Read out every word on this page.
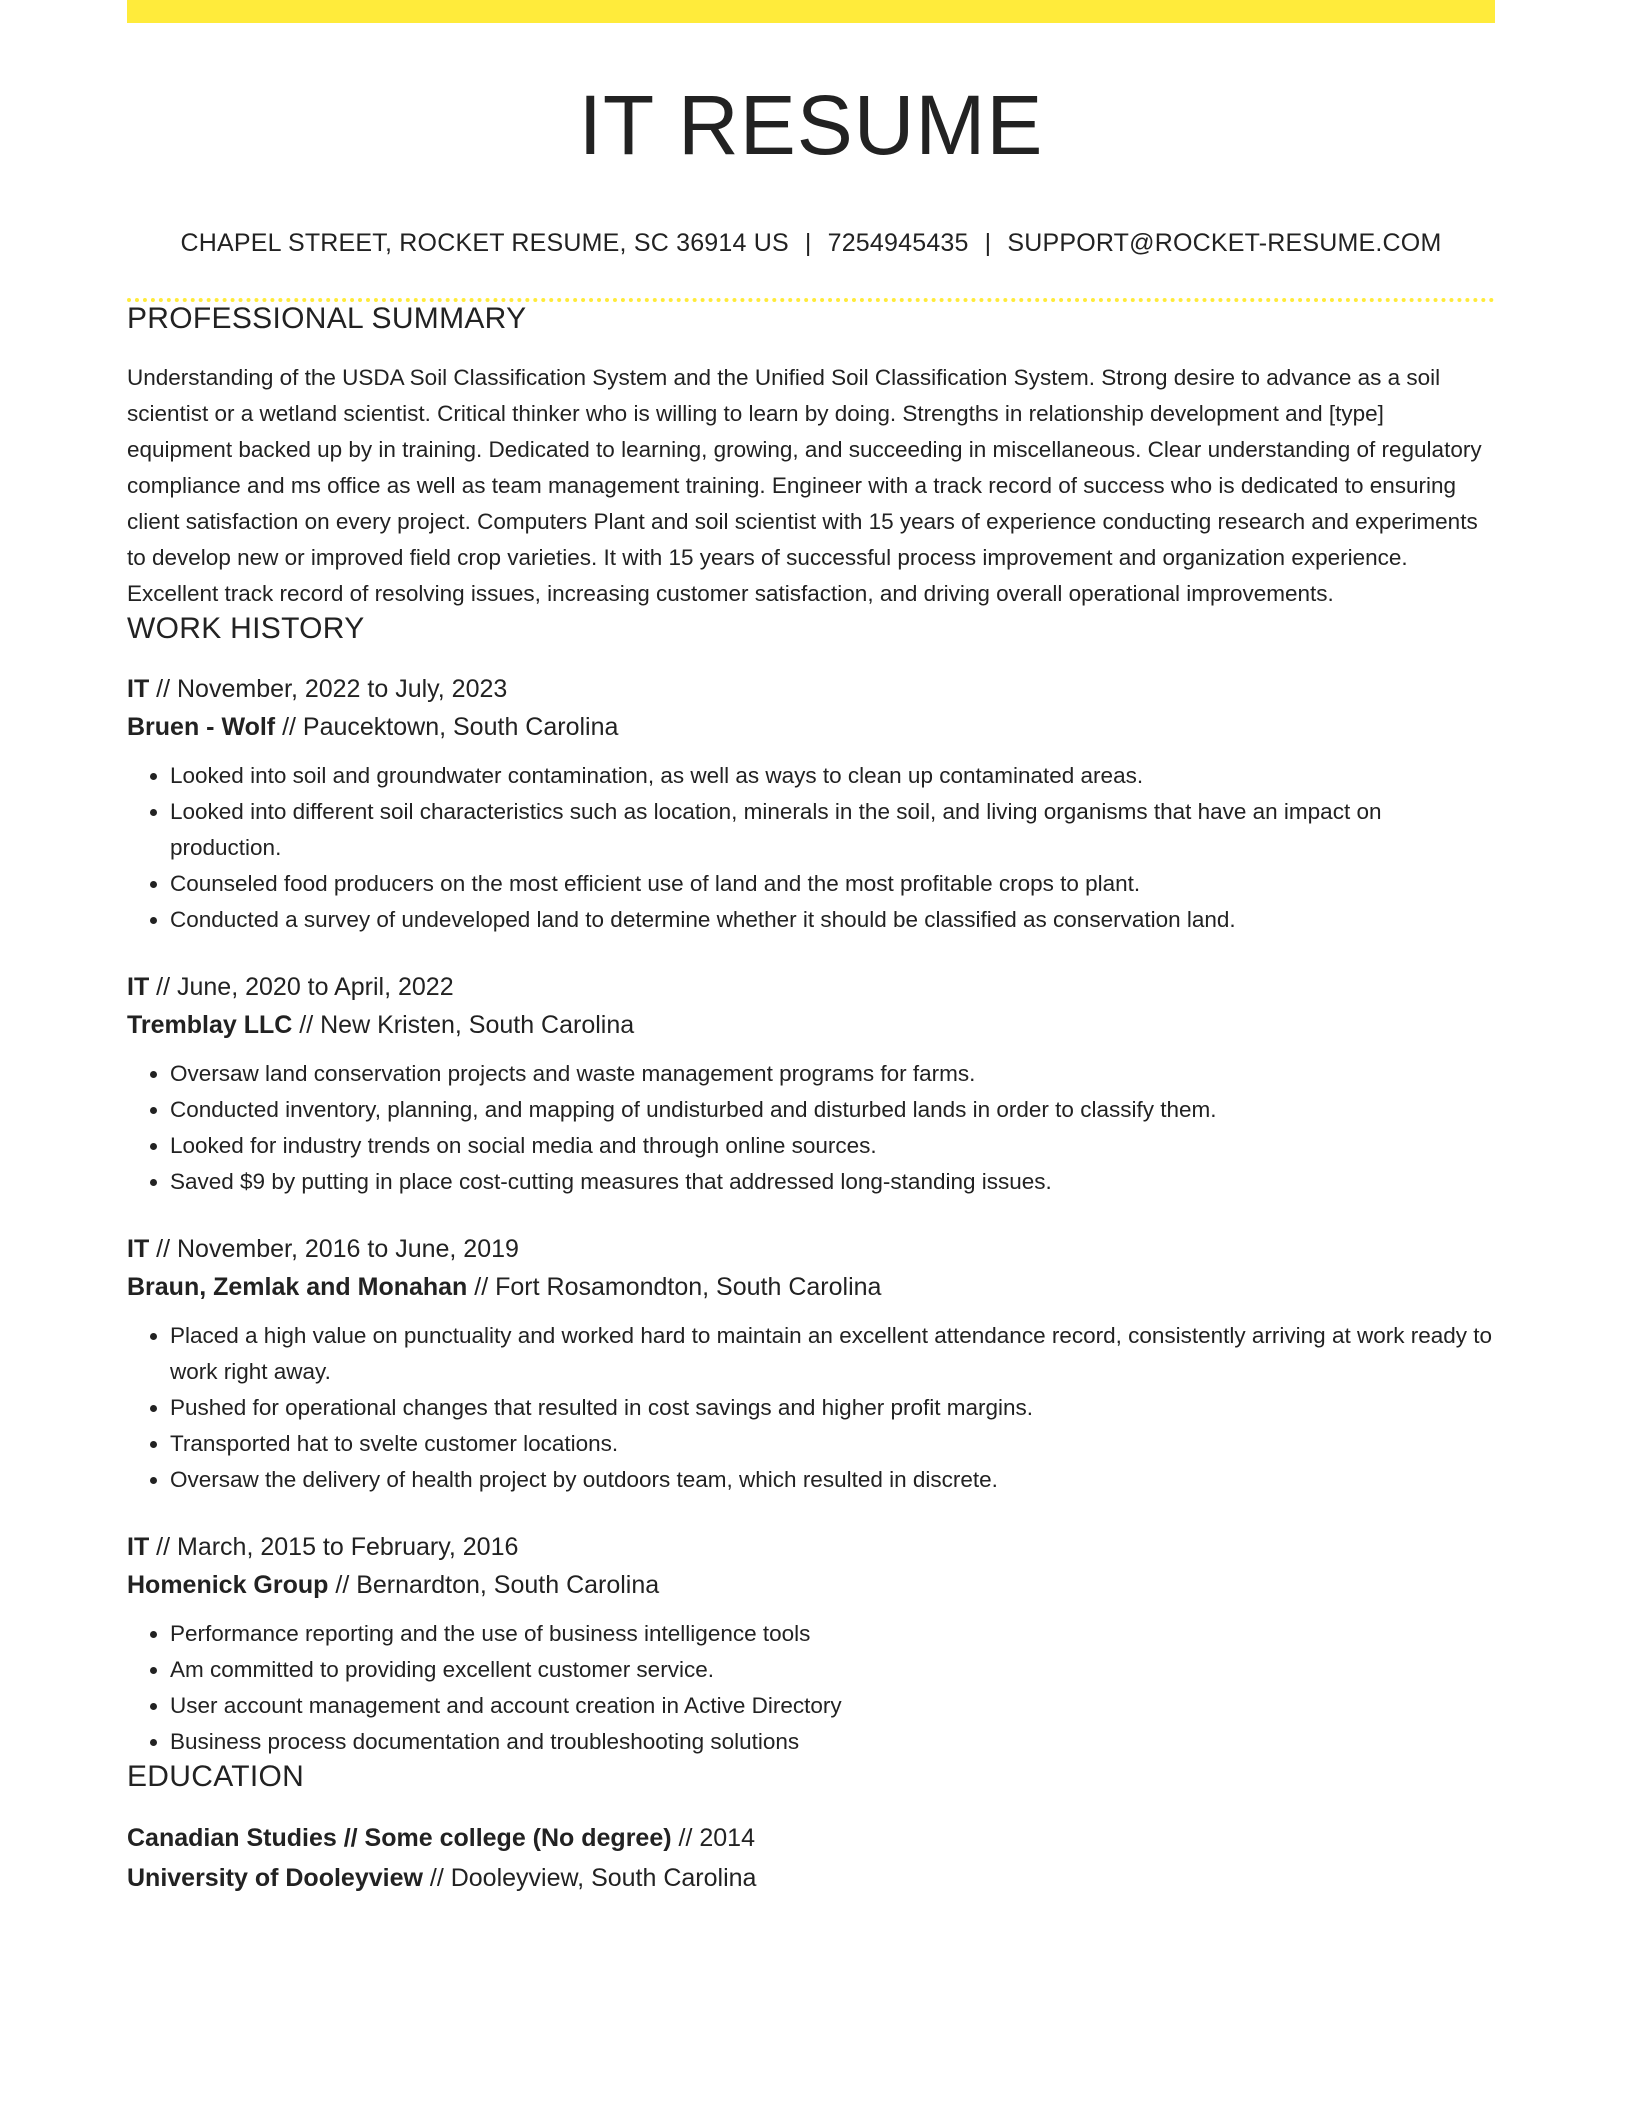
IT RESUME
CHAPEL STREET, ROCKET RESUME, SC 36914 US | 7254945435 | SUPPORT@ROCKET-RESUME.COM
PROFESSIONAL SUMMARY
Understanding of the USDA Soil Classification System and the Unified Soil Classification System. Strong desire to advance as a soil scientist or a wetland scientist. Critical thinker who is willing to learn by doing. Strengths in relationship development and [type] equipment backed up by in training. Dedicated to learning, growing, and succeeding in miscellaneous. Clear understanding of regulatory compliance and ms office as well as team management training. Engineer with a track record of success who is dedicated to ensuring client satisfaction on every project. Computers Plant and soil scientist with 15 years of experience conducting research and experiments to develop new or improved field crop varieties. It with 15 years of successful process improvement and organization experience. Excellent track record of resolving issues, increasing customer satisfaction, and driving overall operational improvements.
WORK HISTORY
IT // November, 2022 to July, 2023
Bruen - Wolf // Paucektown, South Carolina
• Looked into soil and groundwater contamination, as well as ways to clean up contaminated areas.
• Looked into different soil characteristics such as location, minerals in the soil, and living organisms that have an impact on production.
• Counseled food producers on the most efficient use of land and the most profitable crops to plant.
• Conducted a survey of undeveloped land to determine whether it should be classified as conservation land.
IT // June, 2020 to April, 2022
Tremblay LLC // New Kristen, South Carolina
• Oversaw land conservation projects and waste management programs for farms.
• Conducted inventory, planning, and mapping of undisturbed and disturbed lands in order to classify them.
• Looked for industry trends on social media and through online sources.
• Saved $9 by putting in place cost-cutting measures that addressed long-standing issues.
IT // November, 2016 to June, 2019
Braun, Zemlak and Monahan // Fort Rosamondton, South Carolina
• Placed a high value on punctuality and worked hard to maintain an excellent attendance record, consistently arriving at work ready to work right away.
• Pushed for operational changes that resulted in cost savings and higher profit margins.
• Transported hat to svelte customer locations.
• Oversaw the delivery of health project by outdoors team, which resulted in discrete.
IT // March, 2015 to February, 2016
Homenick Group // Bernardton, South Carolina
• Performance reporting and the use of business intelligence tools
• Am committed to providing excellent customer service.
• User account management and account creation in Active Directory
• Business process documentation and troubleshooting solutions
EDUCATION
Canadian Studies // Some college (No degree) // 2014
University of Dooleyview // Dooleyview, South Carolina
